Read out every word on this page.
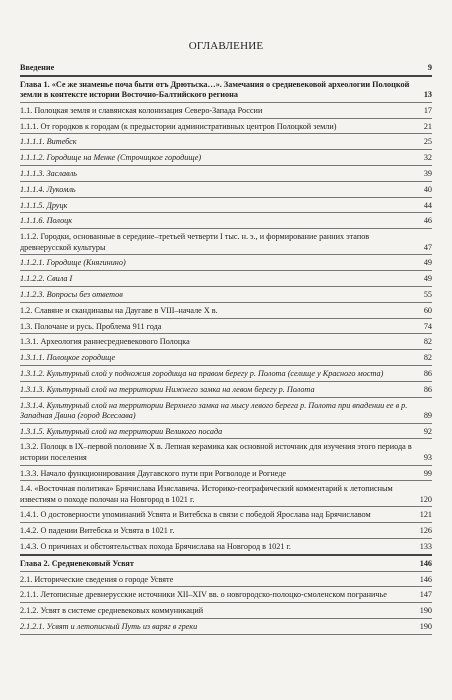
ОГЛАВЛЕНИЕ
Введение	9
Глава 1. «Се же знаменье поча быти отъ Дрютьска…». Замечания о средневековой археологии Полоцкой земли в контексте истории Восточно-Балтийского региона	13
1.1. Полоцкая земля и славянская колонизация Северо-Запада России	17
1.1.1. От городков к городам (к предыстории административных центров Полоцкой земли)	21
1.1.1.1. Витебск	25
1.1.1.2. Городище на Менке (Строчицкое городище)	32
1.1.1.3. Заславль	39
1.1.1.4. Лукомль	40
1.1.1.5. Друцк	44
1.1.1.6. Полоцк	46
1.1.2. Городки, основанные в середине–третьей четверти I тыс. н. э., и формирование ранних этапов древнерусской культуры	47
1.1.2.1. Городище (Княгинино)	49
1.1.2.2. Свила I	49
1.1.2.3. Вопросы без ответов	55
1.2. Славяне и скандинавы на Даугаве в VIII–начале X в.	60
1.3. Полочане и русь. Проблема 911 года	74
1.3.1. Археология раннесредневекового Полоцка	82
1.3.1.1. Полоцкое городище	82
1.3.1.2. Культурный слой у подножия городища на правом берегу р. Полота (селище у Красного моста)	86
1.3.1.3. Культурный слой на территории Нижнего замка на левом берегу р. Полота	86
1.3.1.4. Культурный слой на территории Верхнего замка на мысу левого берега р. Полота при впадении ее в р. Западная Двина (город Всеслава)	89
1.3.1.5. Культурный слой на территории Великого посада	92
1.3.2. Полоцк в IX–первой половине X в. Лепная керамика как основной источник для изучения этого периода в истории поселения	93
1.3.3. Начало функционирования Даугавского пути при Рогволоде и Рогнеде	99
1.4. «Восточная политика» Брячислава Изяславича. Историко-географический комментарий к летописным известиям о походе полочан на Новгород в 1021 г.	120
1.4.1. О достоверности упоминаний Усвята и Витебска в связи с победой Ярослава над Брячиславом	121
1.4.2. О падении Витебска и Усвята в 1021 г.	126
1.4.3. О причинах и обстоятельствах похода Брячислава на Новгород в 1021 г.	133
Глава 2. Средневековый Усвят	146
2.1. Исторические сведения о городе Усвяте	146
2.1.1. Летописные древнерусские источники XII–XIV вв. о новгородско-полоцко-смоленском пограничье	147
2.1.2. Усвят в системе средневековых коммуникаций	190
2.1.2.1. Усвят и летописный Путь из варяг в греки	190
